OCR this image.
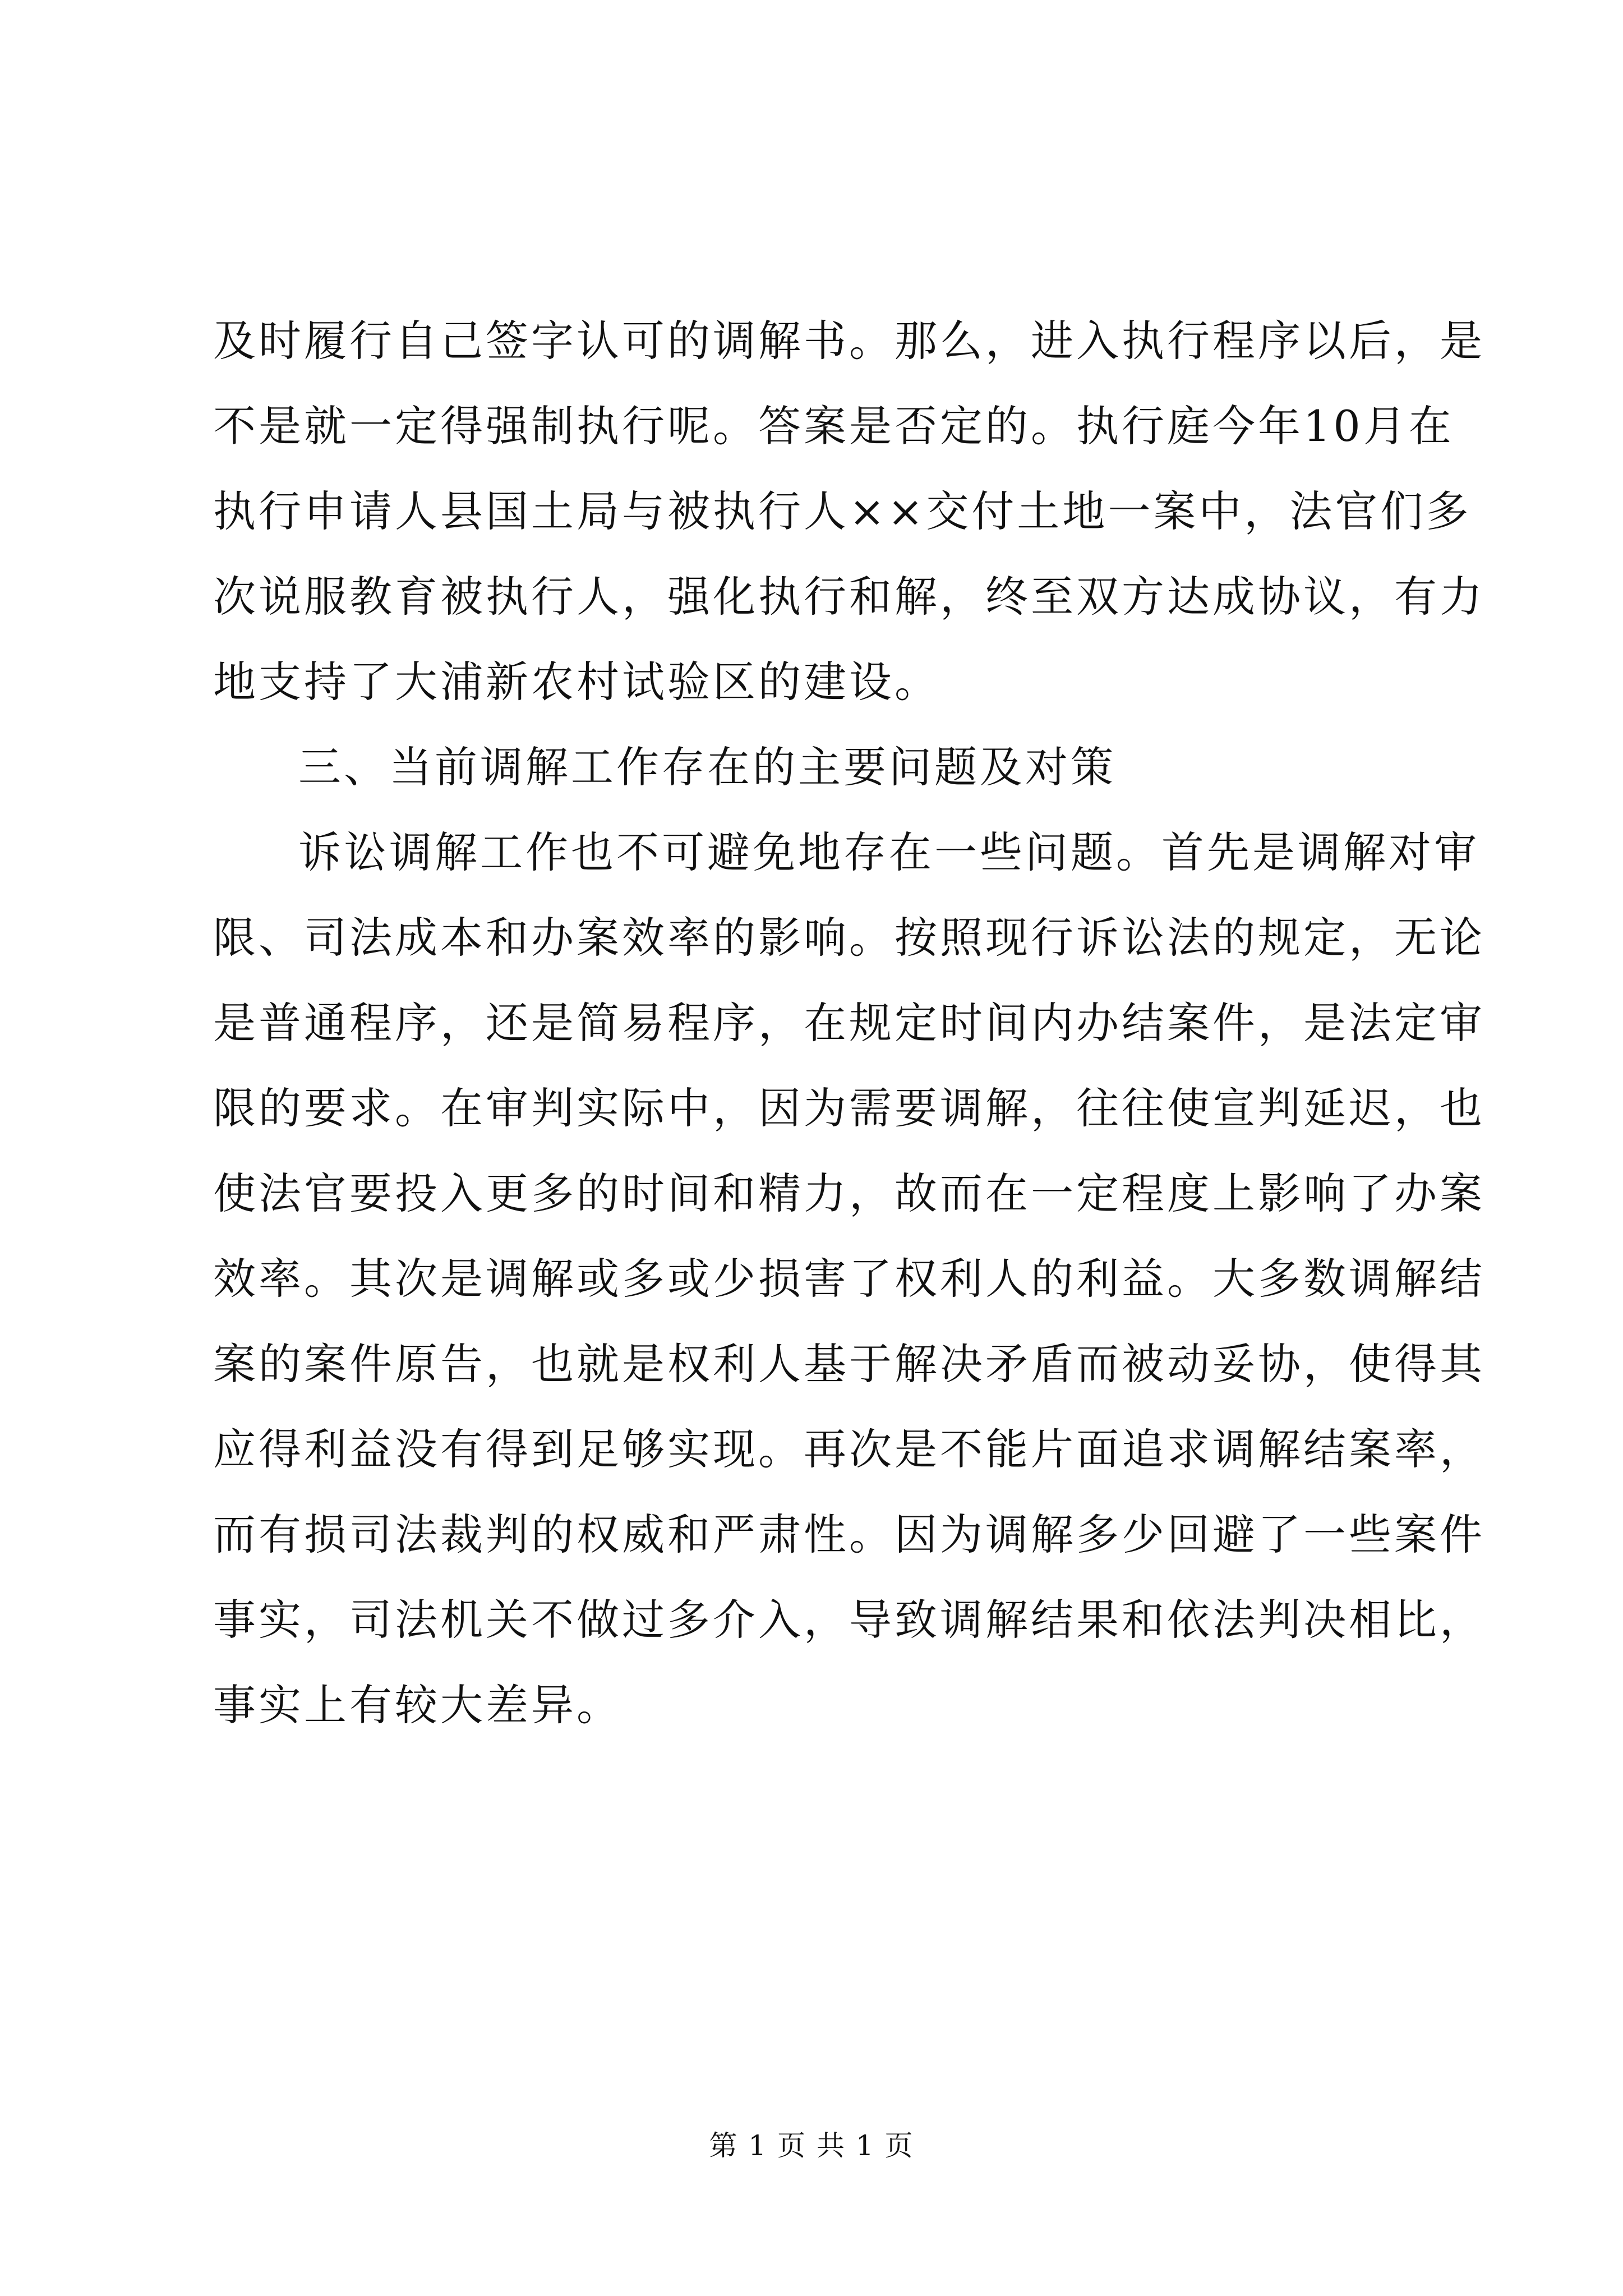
及时履行自己签字认可的调解书。那么，进入执行程序以后，是
不是就一定得强制执行呢。答案是否定的。执行庭今年10月在
执行申请人县国土局与被执行人××交付土地一案中，法官们多
次说服教育被执行人，强化执行和解，终至双方达成协议，有力
地支持了大浦新农村试验区的建设。
三、当前调解工作存在的主要问题及对策
诉讼调解工作也不可避免地存在一些问题。首先是调解对审
限、司法成本和办案效率的影响。按照现行诉讼法的规定，无论
是普通程序，还是简易程序，在规定时间内办结案件，是法定审
限的要求。在审判实际中，因为需要调解，往往使宣判延迟，也
使法官要投入更多的时间和精力，故而在一定程度上影响了办案
效率。其次是调解或多或少损害了权利人的利益。大多数调解结
案的案件原告，也就是权利人基于解决矛盾而被动妥协，使得其
应得利益没有得到足够实现。再次是不能片面追求调解结案率，
而有损司法裁判的权威和严肃性。因为调解多少回避了一些案件
事实，司法机关不做过多介入，导致调解结果和依法判决相比，
事实上有较大差异。
第 1 页 共 1 页
